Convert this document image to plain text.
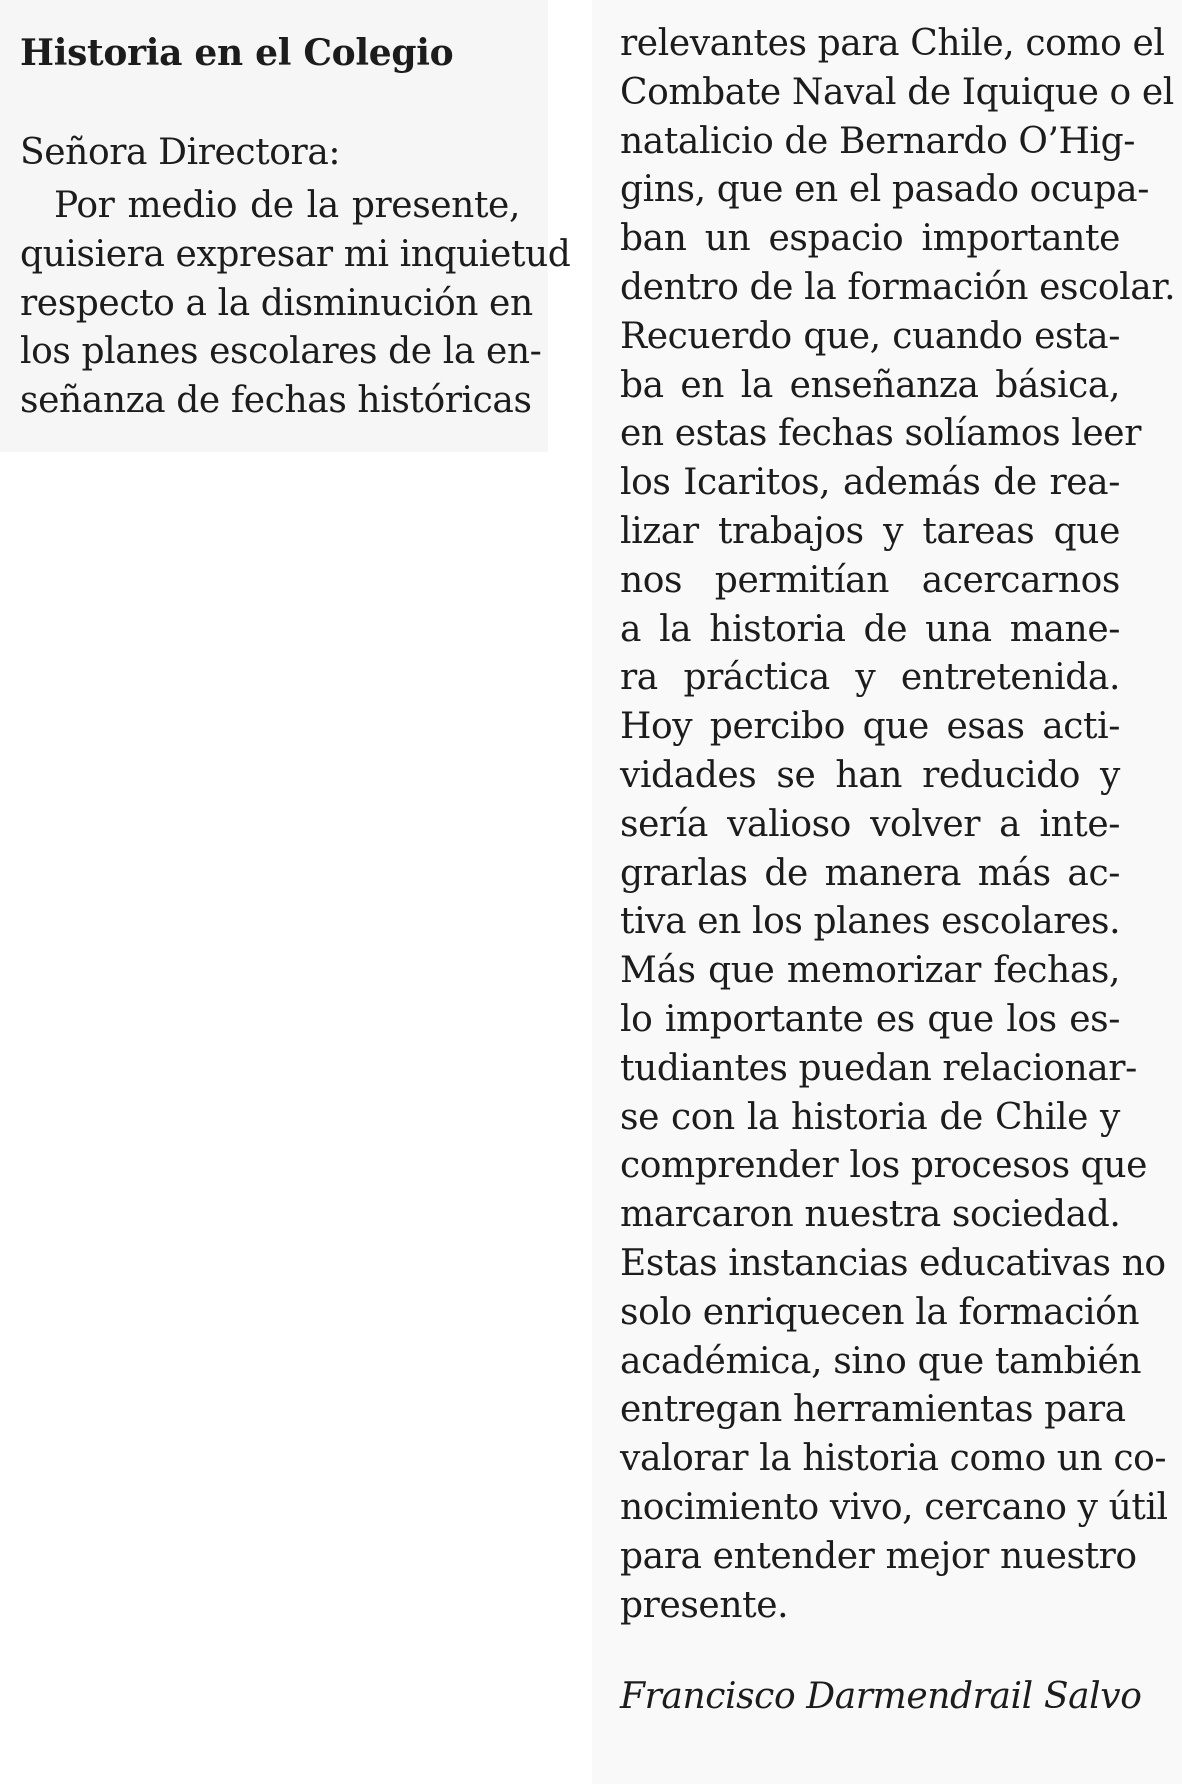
Historia en el Colegio
Señora Directora:
Por medio de la presente,
quisiera expresar mi inquietud
respecto a la disminución en
los planes escolares de la en-
señanza de fechas históricas
relevantes para Chile, como el
Combate Naval de Iquique o el
natalicio de Bernardo O’Hig-
gins, que en el pasado ocupa-
ban un espacio importante
dentro de la formación escolar.
Recuerdo que, cuando esta-
ba en la enseñanza básica,
en estas fechas solíamos leer
los Icaritos, además de rea-
lizar trabajos y tareas que
nos permitían acercarnos
a la historia de una mane-
ra práctica y entretenida.
Hoy percibo que esas acti-
vidades se han reducido y
sería valioso volver a inte-
grarlas de manera más ac-
tiva en los planes escolares.
Más que memorizar fechas,
lo importante es que los es-
tudiantes puedan relacionar-
se con la historia de Chile y
comprender los procesos que
marcaron nuestra sociedad.
Estas instancias educativas no
solo enriquecen la formación
académica, sino que también
entregan herramientas para
valorar la historia como un co-
nocimiento vivo, cercano y útil
para entender mejor nuestro
presente.
Francisco Darmendrail Salvo
